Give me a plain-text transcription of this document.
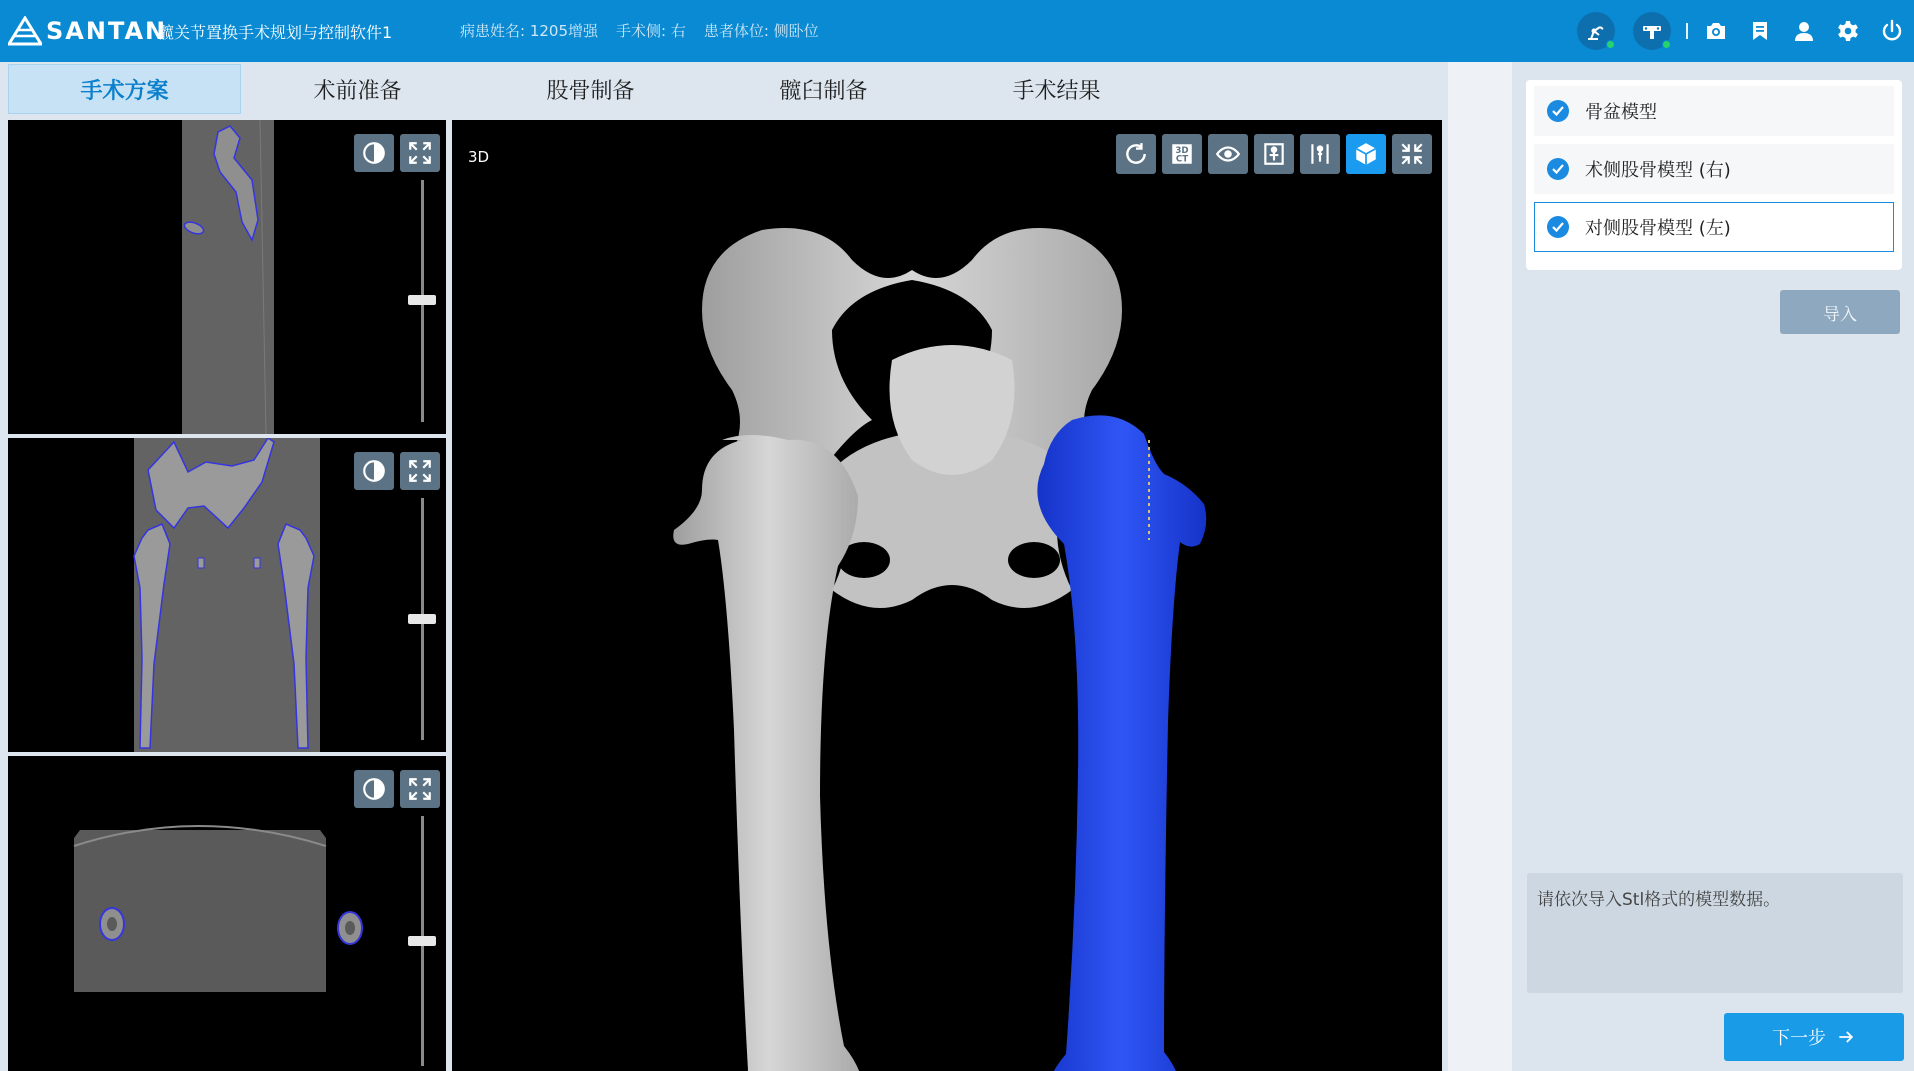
SANTAN
髋关节置换手术规划与控制软件1	病患姓名: 1205增强 手术侧: 右 患者体位: 侧卧位
手术方案	术前准备	股骨制备	髋臼制备	手术结果
3D	3D
CT
骨盆模型
术侧股骨模型 (右)
对侧股骨模型 (左)
导入
请依次导入Stl格式的模型数据。
下一步
